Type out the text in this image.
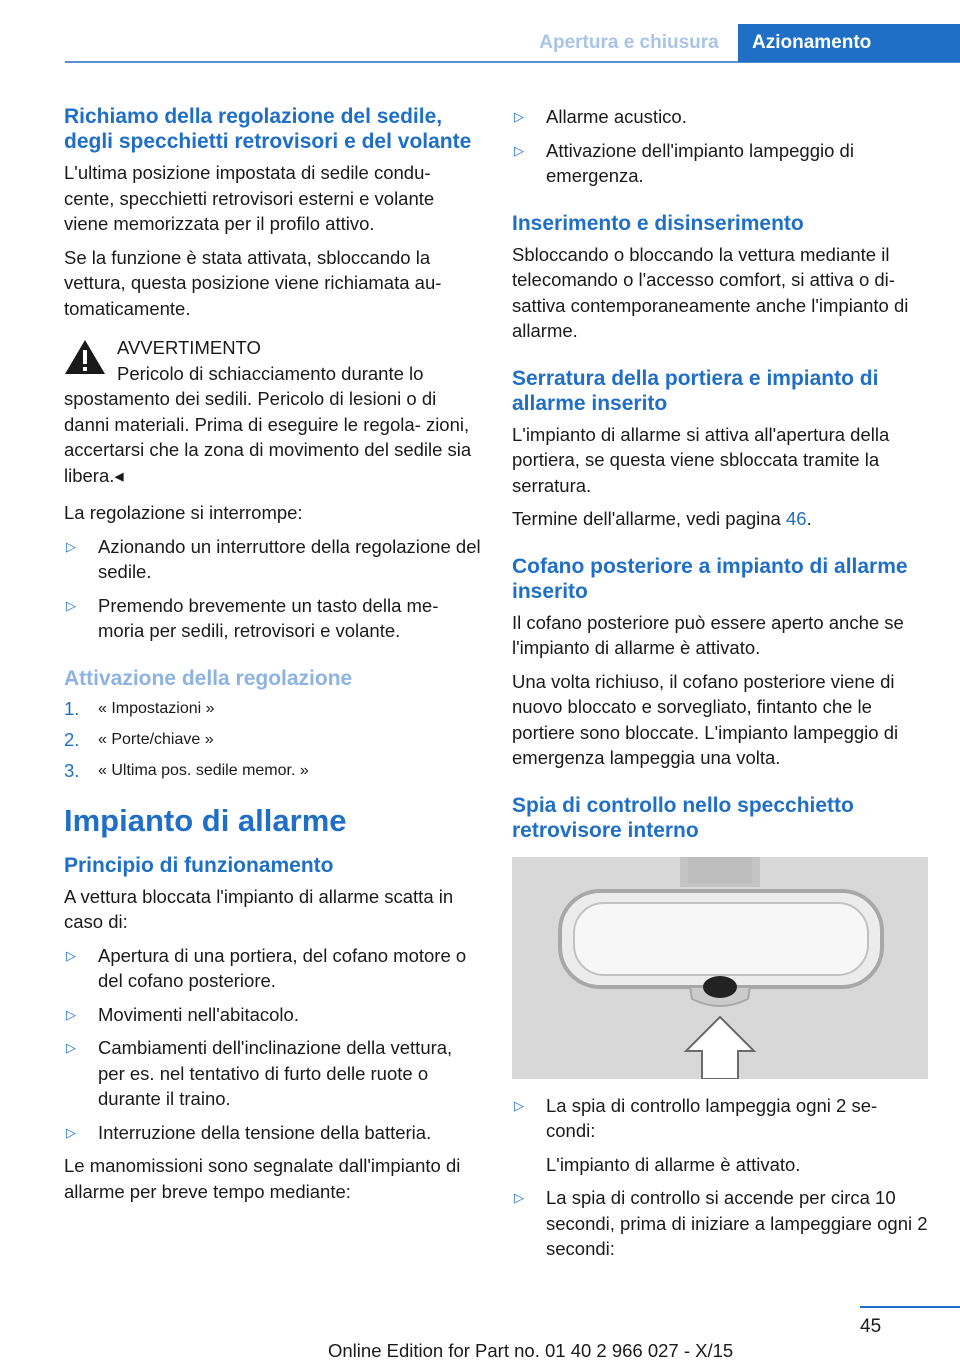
Apertura e chiusura	Azionamento
Richiamo della regolazione del sedile, degli specchietti retrovisori e del volante

L'ultima posizione impostata di sedile condu‐ cente, specchietti retrovisori esterni e volante viene memorizzata per il profilo attivo.

Se la funzione è stata attivata, sbloccando la vettura, questa posizione viene richiamata au‐ tomaticamente.

AVVERTIMENTO

Pericolo di schiacciamento durante lo

spostamento dei sedili. Pericolo di lesioni o di danni materiali. Prima di eseguire le regola‐ zioni, accertarsi che la zona di movimento del sedile sia libera.◂

La regolazione si interrompe:

▷ Azionando un interruttore della regolazione del sedile.
▷ Premendo brevemente un tasto della me‐ moria per sedili, retrovisori e volante.
Attivazione della regolazione
1. « Impostazioni »
2. « Porte/chiave »
3. « Ultima pos. sedile memor. »
Impianto di allarme
Principio di funzionamento

A vettura bloccata l'impianto di allarme scatta in caso di:

▷ Apertura di una portiera, del cofano motore o del cofano posteriore.
▷ Movimenti nell'abitacolo.
▷ Cambiamenti dell'inclinazione della vettura, per es. nel tentativo di furto delle ruote o durante il traino.
▷ Interruzione della tensione della batteria.

Le manomissioni sono segnalate dall'impianto di allarme per breve tempo mediante:

▷ Allarme acustico.
▷ Attivazione dell'impianto lampeggio di emergenza.
Inserimento e disinserimento

Sbloccando o bloccando la vettura mediante il telecomando o l'accesso comfort, si attiva o di‐ sattiva contemporaneamente anche l'impianto di allarme.

Serratura della portiera e impianto di allarme inserito

L'impianto di allarme si attiva all'apertura della portiera, se questa viene sbloccata tramite la serratura.

Termine dell'allarme, vedi pagina 46.

Cofano posteriore a impianto di allarme inserito

Il cofano posteriore può essere aperto anche se l'impianto di allarme è attivato.

Una volta richiuso, il cofano posteriore viene di nuovo bloccato e sorvegliato, fintanto che le portiere sono bloccate. L'impianto lampeggio di emergenza lampeggia una volta.

Spia di controllo nello specchietto retrovisore interno
▷ La spia di controllo lampeggia ogni 2 se‐ condi:
L'impianto di allarme è attivato.
▷ La spia di controllo si accende per circa 10 secondi, prima di iniziare a lampeggiare ogni 2 secondi:
45
Online Edition for Part no. 01 40 2 966 027 - X/15
